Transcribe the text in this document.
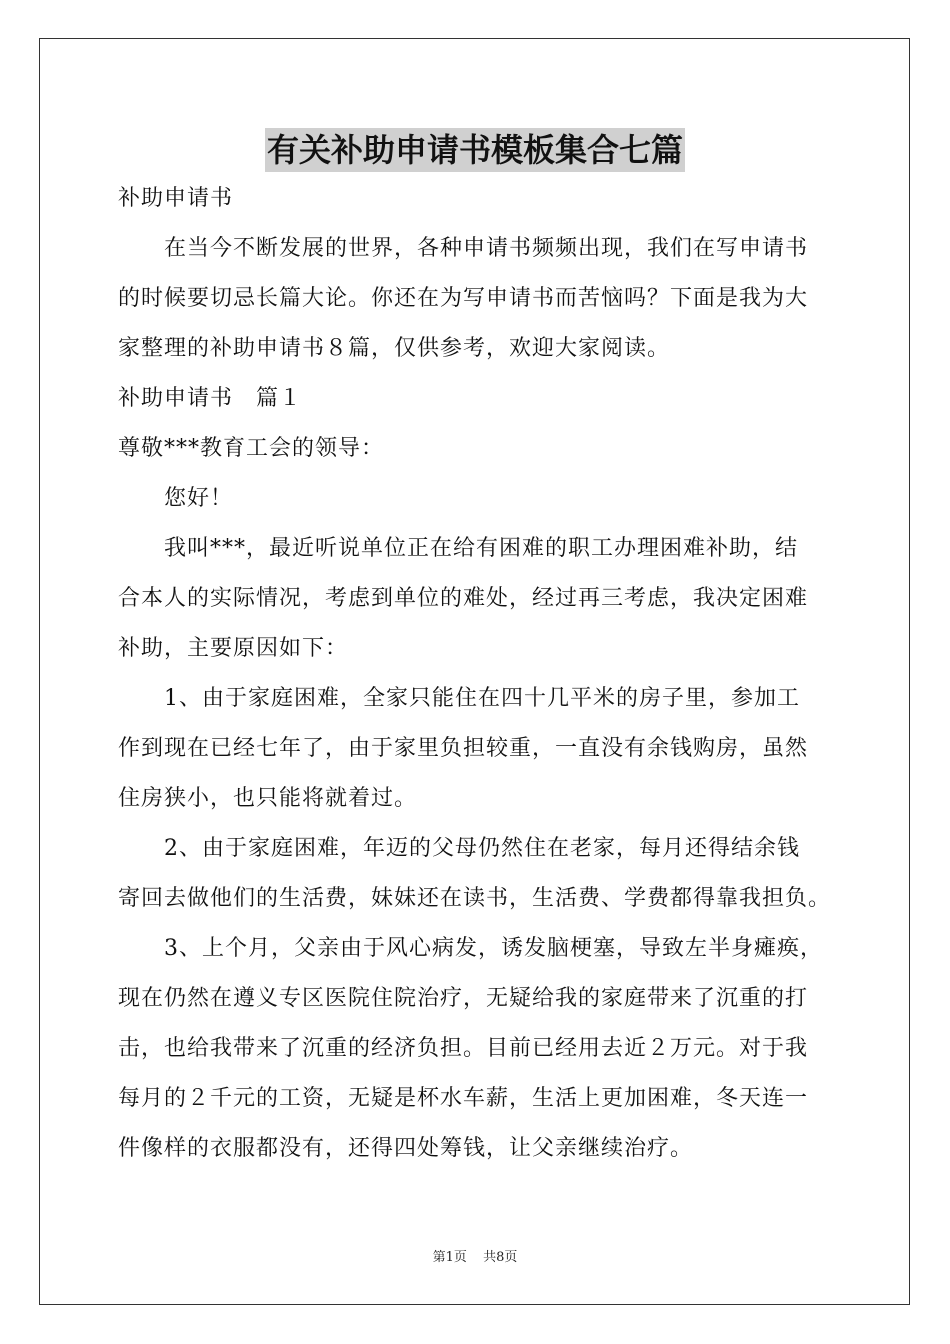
有关补助申请书模板集合七篇
补助申请书
在当今不断发展的世界，各种申请书频频出现，我们在写申请书
的时候要切忌长篇大论。你还在为写申请书而苦恼吗？下面是我为大
家整理的补助申请书８篇，仅供参考，欢迎大家阅读。
补助申请书　篇１
尊敬***教育工会的领导：
您好！
我叫***，最近听说单位正在给有困难的职工办理困难补助，结
合本人的实际情况，考虑到单位的难处，经过再三考虑，我决定困难
补助，主要原因如下：
1、由于家庭困难，全家只能住在四十几平米的房子里，参加工
作到现在已经七年了，由于家里负担较重，一直没有余钱购房，虽然
住房狭小，也只能将就着过。
2、由于家庭困难，年迈的父母仍然住在老家，每月还得结余钱
寄回去做他们的生活费，妹妹还在读书，生活费、学费都得靠我担负。
3、上个月，父亲由于风心病发，诱发脑梗塞，导致左半身瘫痪，
现在仍然在遵义专区医院住院治疗，无疑给我的家庭带来了沉重的打
击，也给我带来了沉重的经济负担。目前已经用去近２万元。对于我
每月的２千元的工资，无疑是杯水车薪，生活上更加困难，冬天连一
件像样的衣服都没有，还得四处筹钱，让父亲继续治疗。
第1页 共8页
